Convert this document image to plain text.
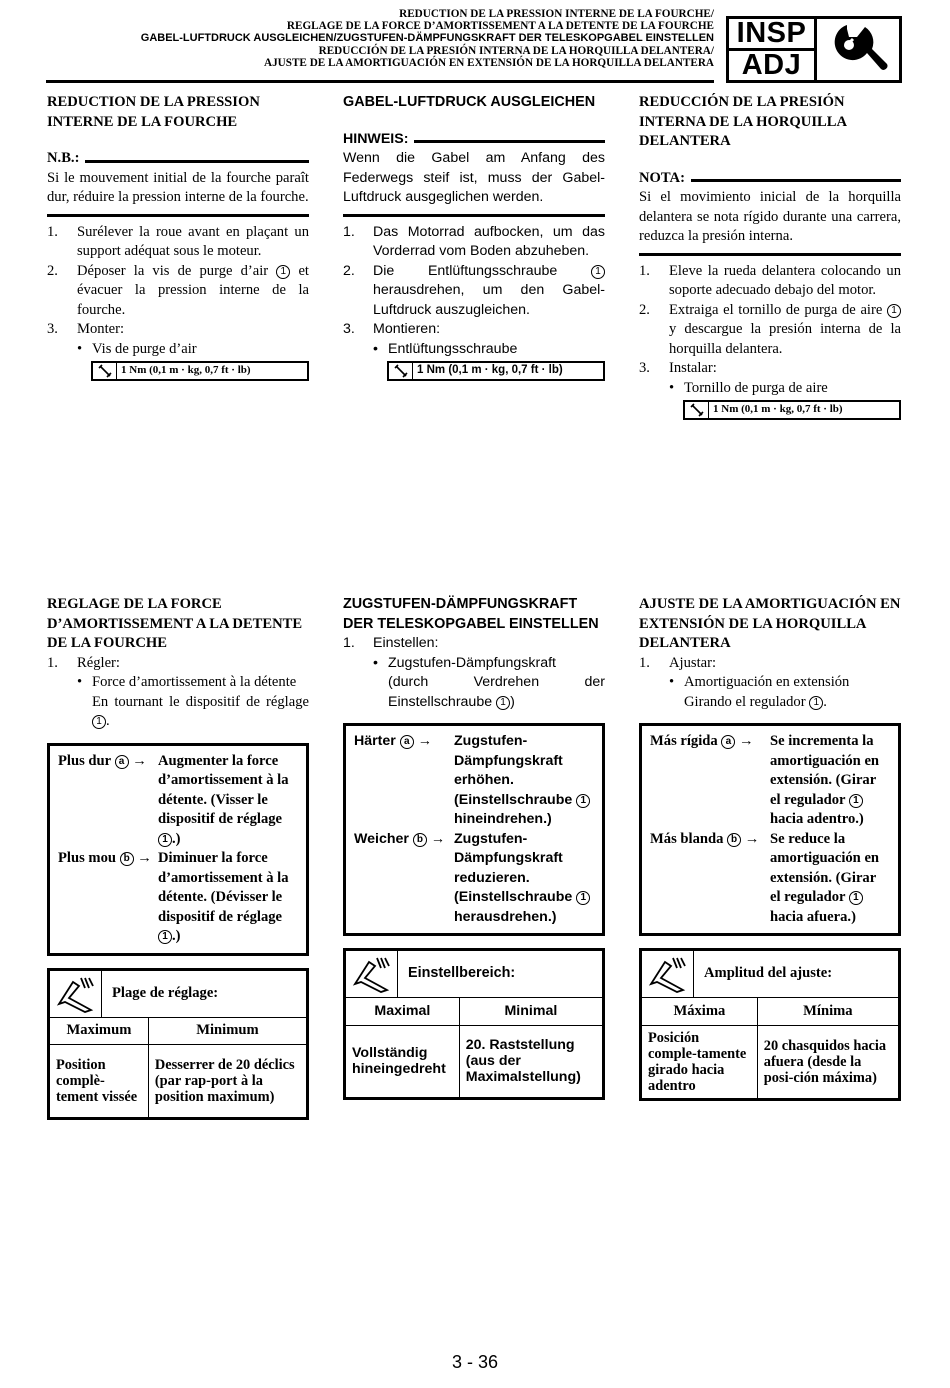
REDUCTION DE LA PRESSION INTERNE DE LA FOURCHE/
REGLAGE DE LA FORCE D’AMORTISSEMENT A LA DETENTE DE LA FOURCHE
GABEL-LUFTDRUCK AUSGLEICHEN/ZUGSTUFEN-DÄMPFUNGSKRAFT DER TELESKOPGABEL EINSTELLEN
REDUCCIÓN DE LA PRESIÓN INTERNA DE LA HORQUILLA DELANTERA/
AJUSTE DE LA AMORTIGUACIÓN EN EXTENSIÓN DE LA HORQUILLA DELANTERA
INSP
ADJ
REDUCTION DE LA PRESSION INTERNE DE LA FOURCHE
N.B.:
Si le mouvement initial de la fourche paraît dur, réduire la pression interne de la fourche.
1.	Surélever la roue avant en plaçant un support adéquat sous le moteur.
2.	Déposer la vis de purge d’air 1 et évacuer la pression interne de la fourche.
3.	Monter:
• Vis de purge d’air
1 Nm (0,1 m · kg, 0,7 ft · lb)
GABEL-LUFTDRUCK AUSGLEICHEN
HINWEIS:
Wenn die Gabel am Anfang des Federwegs steif ist, muss der Gabel-Luftdruck ausgeglichen werden.
1.	Das Motorrad aufbocken, um das Vorderrad vom Boden abzuheben.
2.	Die Entlüftungsschraube	1 herausdrehen, um den Gabel-Luftdruck auszugleichen.
3.	Montieren:
• Entlüftungsschraube
1 Nm (0,1 m · kg, 0,7 ft · lb)
REDUCCIÓN DE LA PRESIÓN INTERNA DE LA HORQUILLA DELANTERA
NOTA:
Si el movimiento inicial de la horquilla delantera se nota rígido durante una carrera, reduzca la presión interna.
1.	Eleve la rueda delantera colocando un soporte adecuado debajo del motor.
2.	Extraiga el tornillo de purga de aire 1 y descargue la presión interna de la horquilla delantera.
3.	Instalar:
• Tornillo de purga de aire
1 Nm (0,1 m · kg, 0,7 ft · lb)
REGLAGE DE LA FORCE D’AMORTISSEMENT A LA DETENTE DE LA FOURCHE
1.	Régler:
• Force d’amortissement à la détente
En tournant le dispositif de réglage 1 .
Plus dur a → Augmenter la force d’amortissement à la détente. (Visser le dispositif de réglage 1 .)
Plus mou b → Diminuer la force d’amortissement à la détente. (Dévisser le dispositif de réglage 1 .)
Plage de réglage:
Maximum	Minimum
Position complè-tement vissée	Desserrer de 20 déclics (par rap-port à la position maximum)
ZUGSTUFEN-DÄMPFUNGSKRAFT DER TELESKOPGABEL EINSTELLEN
1.	Einstellen:
• Zugstufen-Dämpfungskraft
(durch Verdrehen der Einstellschraube 1 )
Härter a →	Zugstufen-Dämpfungskraft erhöhen. (Einstellschraube 1 hineindrehen.)
Weicher b → Zugstufen-Dämpfungskraft reduzieren. (Einstellschraube 1 herausdrehen.)
Einstellbereich:
Maximal	Minimal
Vollständig hineingedreht	20. Raststellung (aus der Maximalstellung)
AJUSTE DE LA AMORTIGUACIÓN EN EXTENSIÓN DE LA HORQUILLA DELANTERA
1.	Ajustar:
• Amortiguación en extensión
Girando el regulador 1 .
Más rígida a →	Se incrementa la amortiguación en extensión. (Girar el regulador 1 hacia adentro.)
Más blanda b → Se reduce la amortiguación en extensión. (Girar el regulador 1 hacia afuera.)
Amplitud del ajuste:
Máxima	Mínima
Posición comple-tamente girado hacia adentro	20 chasquidos hacia afuera (desde la posi-ción máxima)
3 - 36
